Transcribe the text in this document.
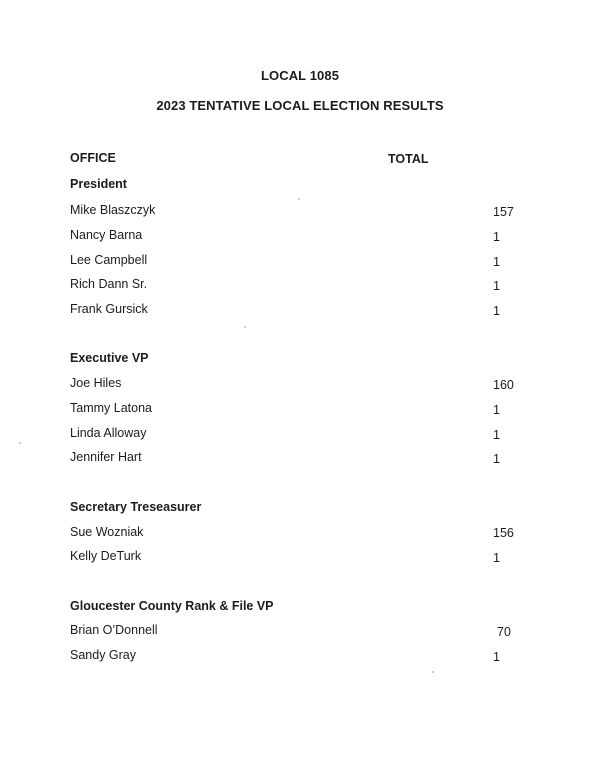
LOCAL 1085
2023 TENTATIVE LOCAL ELECTION RESULTS
OFFICE	TOTAL
President
Mike Blaszczyk	157
Nancy Barna	1
Lee Campbell	1
Rich Dann Sr.	1
Frank Gursick	1
Executive VP
Joe Hiles	160
Tammy Latona	1
Linda Alloway	1
Jennifer Hart	1
Secretary Treseasurer
Sue Wozniak	156
Kelly DeTurk	1
Gloucester County Rank & File VP
Brian O’Donnell	70
Sandy Gray	1
